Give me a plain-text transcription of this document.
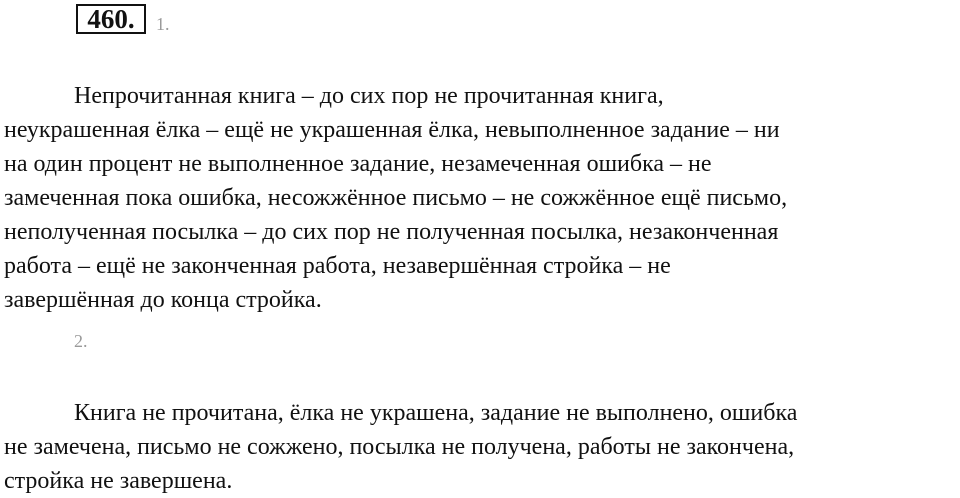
460.	1.

Непрочитанная книга – до сих пор не прочитанная книга,
неукрашенная ёлка – ещё не украшенная ёлка, невыполненное задание – ни
на один процент не выполненное задание, незамеченная ошибка – не
замеченная пока ошибка, несожжённое письмо – не сожжённое ещё письмо,
неполученная посылка – до сих пор не полученная посылка, незаконченная
работа – ещё не законченная работа, незавершённая стройка – не
завершённая до конца стройка.

2.

Книга не прочитана, ёлка не украшена, задание не выполнено, ошибка
не замечена, письмо не сожжено, посылка не получена, работы не закончена,
стройка не завершена.
